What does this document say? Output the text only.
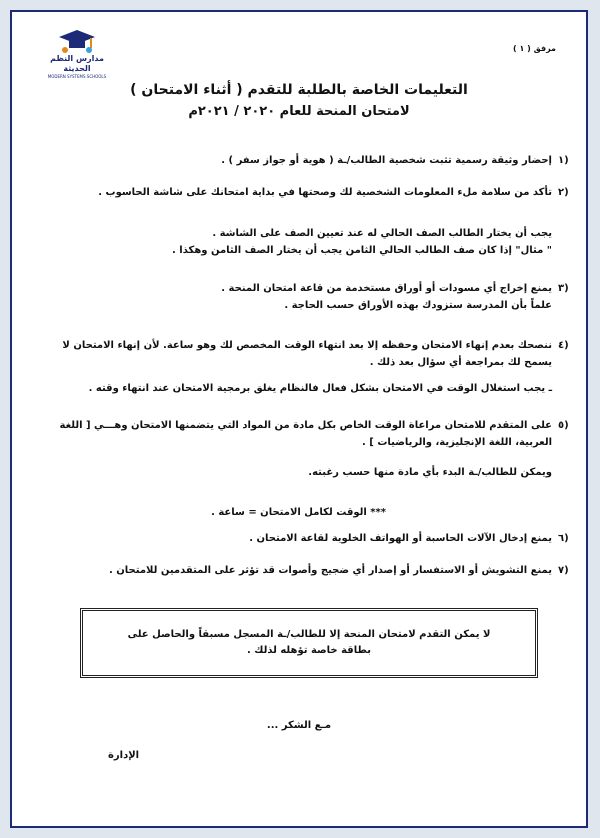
مدارس النظم الحديثة
MODERN SYSTEMS SCHOOLS
مرفق ( ١ )
التعليمات الخاصة بالطلبة للتقدم ( أثناء الامتحان )
لامتحان المنحة للعام ٢٠٢٠ / ٢٠٢١م
١)
إحضار وثيقة رسمية تثبت شخصية الطالب/ـة ( هوية أو جواز سفر ) .
٢)
تأكد من سلامة ملء المعلومات الشخصية لك وصحتها في بداية امتحانك على شاشة الحاسوب .
يجب أن يختار الطالب الصف الحالي له عند تعيين الصف على الشاشة .
" مثال" إذا كان صف الطالب الحالي الثامن يجب أن يختار الصف الثامن وهكذا .
٣)
يمنع إخراج أي مسودات أو أوراق مستخدمة من قاعة امتحان المنحة .
علماً بأن المدرسة ستزودك بهذه الأوراق حسب الحاجة .
٤)
ننصحك بعدم إنهاء الامتحان وحفظه إلا بعد انتهاء الوقت المخصص لك وهو ساعة. لأن إنهاء الامتحان لا يسمح لك بمراجعة أي سؤال بعد ذلك .
ـ يجب استغلال الوقت في الامتحان بشكل فعال فالنظام يغلق برمجية الامتحان عند انتهاء وقته .
٥)
على المتقدم للامتحان مراعاة الوقت الخاص بكل مادة من المواد التي يتضمنها الامتحان وهـــي [ اللغة العربية، اللغة الإنجليزية، والرياضيات ] .
ويمكن للطالب/ـة البدء بأي مادة منها حسب رغبته.
*** الوقت لكامل الامتحان = ساعة .
٦)
يمنع إدخال الآلات الحاسبة أو الهواتف الخلوية لقاعة الامتحان .
٧)
يمنع التشويش أو الاستفسار أو إصدار أي ضجيج وأصوات قد تؤثر على المتقدمين للامتحان .
لا يمكن التقدم لامتحان المنحة إلا للطالب/ـة المسجل مسبقاً والحاصل على بطاقة خاصة تؤهله لذلك .
مـع الشكر ...
الإدارة
